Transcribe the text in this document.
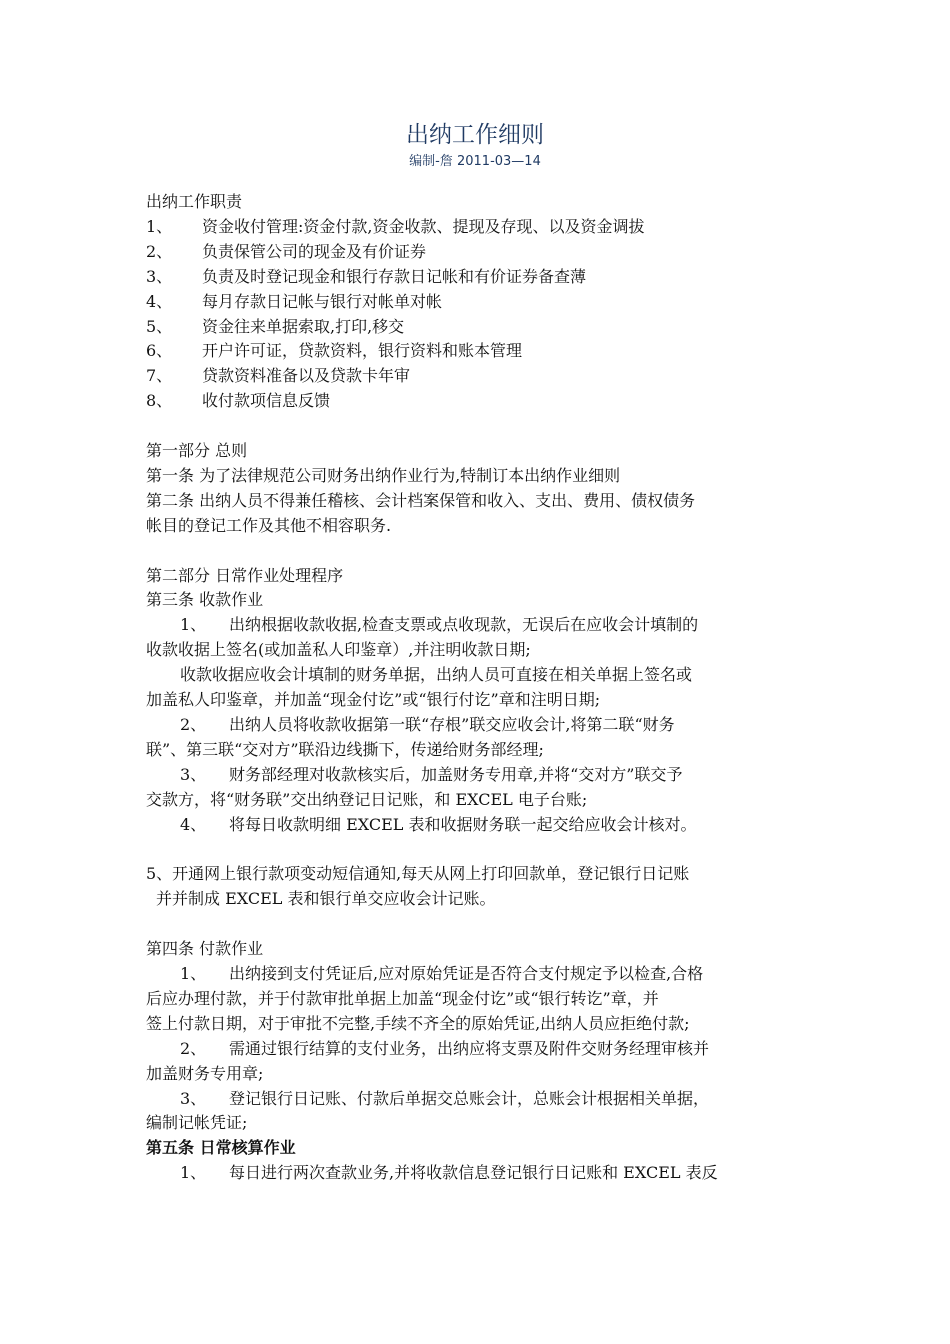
出纳工作细则
编制-詹 2011-03—14
出纳工作职责
1、 资金收付管理:资金付款,资金收款、提现及存现、以及资金调拔
2、 负责保管公司的现金及有价证券
3、 负责及时登记现金和银行存款日记帐和有价证券备查薄
4、 每月存款日记帐与银行对帐单对帐
5、 资金往来单据索取,打印,移交
6、 开户许可证，贷款资料，银行资料和账本管理
7、 贷款资料准备以及贷款卡年审
8、 收付款项信息反馈
第一部分 总则
第一条 为了法律规范公司财务出纳作业行为,特制订本出纳作业细则
第二条 出纳人员不得兼任稽核、会计档案保管和收入、支出、费用、债权债务
帐目的登记工作及其他不相容职务.
第二部分 日常作业处理程序
第三条 收款作业
1、 出纳根据收款收据,检查支票或点收现款，无误后在应收会计填制的
收款收据上签名(或加盖私人印鉴章）,并注明收款日期;
收款收据应收会计填制的财务单据，出纳人员可直接在相关单据上签名或
加盖私人印鉴章，并加盖“现金付讫”或“银行付讫”章和注明日期;
2、 出纳人员将收款收据第一联“存根”联交应收会计,将第二联“财务
联”、第三联“交对方”联沿边线撕下，传递给财务部经理;
3、 财务部经理对收款核实后，加盖财务专用章,并将“交对方”联交予
交款方，将“财务联”交出纳登记日记账，和 EXCEL 电子台账;
4、 将每日收款明细 EXCEL 表和收据财务联一起交给应收会计核对。
5、开通网上银行款项变动短信通知,每天从网上打印回款单，登记银行日记账
并并制成 EXCEL 表和银行单交应收会计记账。
第四条 付款作业
1、 出纳接到支付凭证后,应对原始凭证是否符合支付规定予以检查,合格
后应办理付款，并于付款审批单据上加盖“现金付讫”或“银行转讫”章，并
签上付款日期，对于审批不完整,手续不齐全的原始凭证,出纳人员应拒绝付款;
2、 需通过银行结算的支付业务，出纳应将支票及附件交财务经理审核并
加盖财务专用章;
3、 登记银行日记账、付款后单据交总账会计，总账会计根据相关单据，
编制记帐凭证;
第五条 日常核算作业
1、 每日进行两次查款业务,并将收款信息登记银行日记账和 EXCEL 表反
